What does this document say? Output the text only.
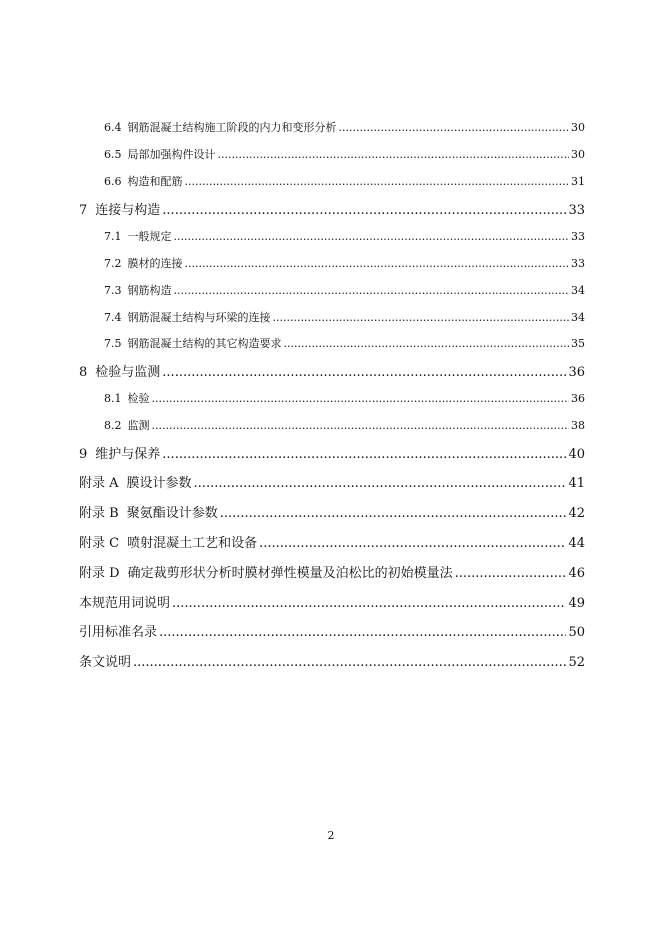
6.4 钢筋混凝土结构施工阶段的内力和变形分析 .....	30
6.5 局部加强构件设计 .....	30
6.6 构造和配筋 .....	31
7 连接与构造 .....	33
7.1 一般规定 .....	33
7.2 膜材的连接 .....	33
7.3 钢筋构造 .....	34
7.4 钢筋混凝土结构与环梁的连接 .....	34
7.5 钢筋混凝土结构的其它构造要求 .....	35
8 检验与监测 .....	36
8.1 检验 .....	36
8.2 监测 .....	38
9 维护与保养 .....	40
附录 A 膜设计参数 .....	41
附录 B 聚氨酯设计参数 .....	42
附录 C 喷射混凝土工艺和设备 .....	44
附录 D 确定裁剪形状分析时膜材弹性模量及泊松比的初始模量法 .....	46
本规范用词说明 .....	49
引用标准名录 .....	50
条文说明 .....	52
2
